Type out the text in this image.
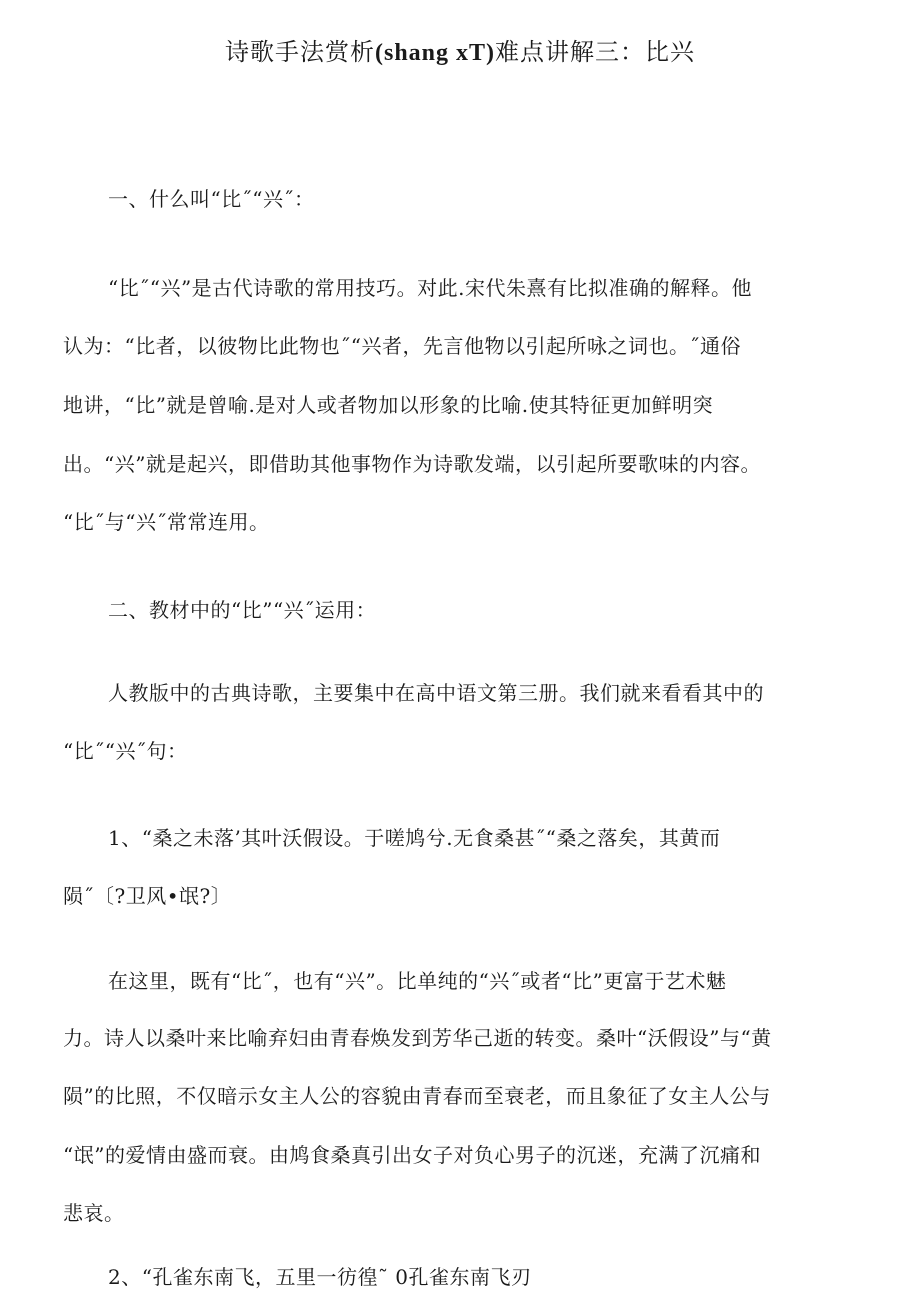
诗歌手法赏析(shang xT)难点讲解三：比兴
一、什么叫“比˝“兴˝：
“比˝“兴”是古代诗歌的常用技巧。对此.宋代朱熹有比拟准确的解释。他
认为：“比者，以彼物比此物也˝“兴者，先言他物以引起所咏之词也。˝通俗
地讲，“比”就是曾喻.是对人或者物加以形象的比喻.使其特征更加鲜明突
出。“兴”就是起兴，即借助其他事物作为诗歌发端，以引起所要歌味的内容。
“比˝与“兴˝常常连用。
二、教材中的“比”“兴˝运用：
人教版中的古典诗歌，主要集中在高中语文第三册。我们就来看看其中的
“比˝“兴˝句：
1、“桑之未落’其叶沃假设。于嗟鸠兮.无食桑甚˝“桑之落矣，其黄而
陨˝〔?卫风•氓?〕
在这里，既有“比˝，也有“兴”。比单纯的“兴˝或者“比”更富于艺术魅
力。诗人以桑叶来比喻弃妇由青春焕发到芳华己逝的转变。桑叶“沃假设”与“黄
陨”的比照，不仅暗示女主人公的容貌由青春而至衰老，而且象征了女主人公与
“氓”的爱情由盛而衰。由鸠食桑真引出女子对负心男子的沉迷，充满了沉痛和
悲哀。
2、“孔雀东南飞，五里一彷徨˜ 0孔雀东南飞刃
